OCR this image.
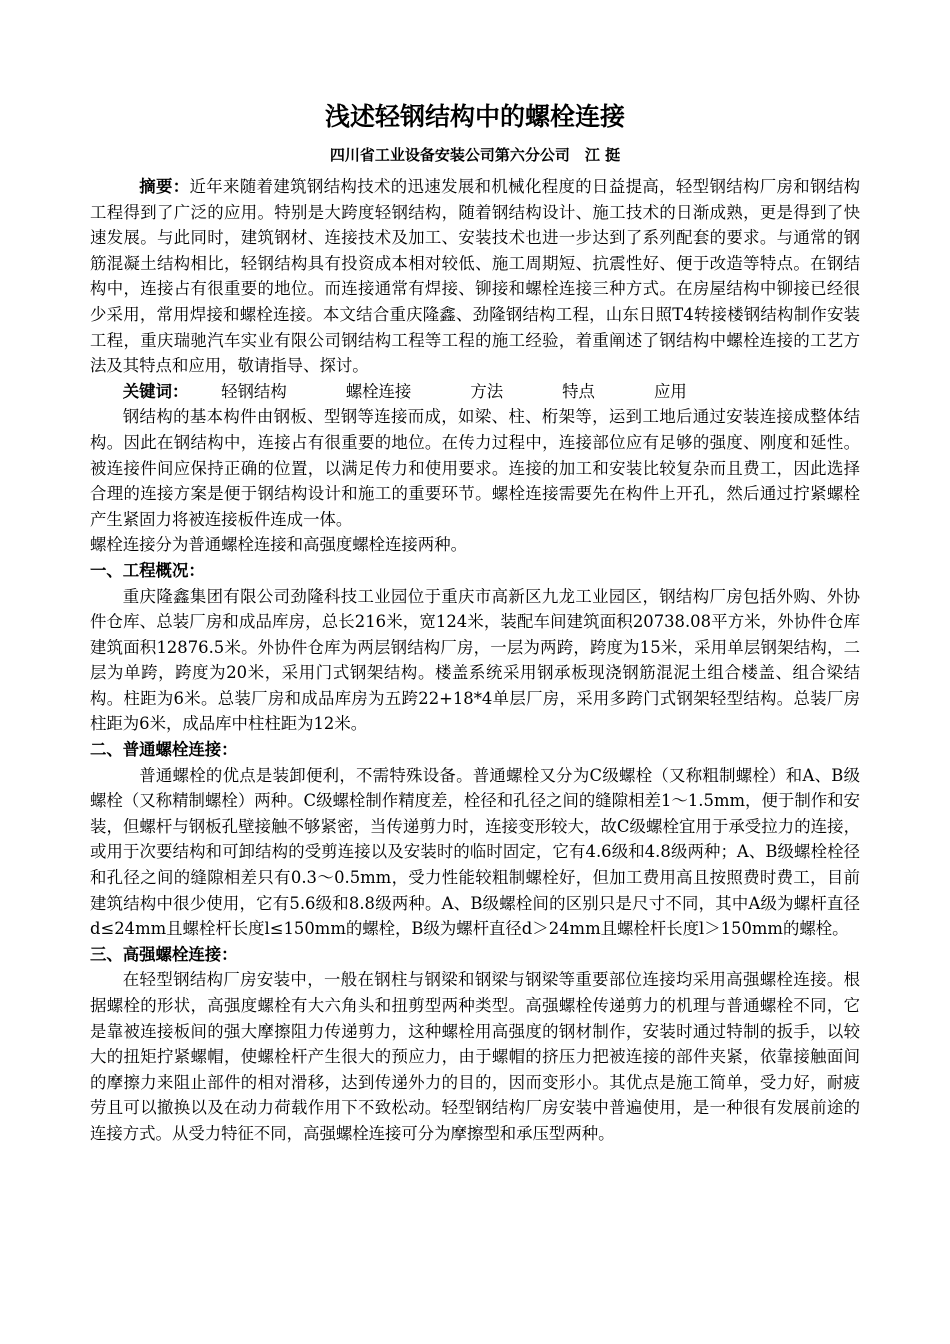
浅述轻钢结构中的螺栓连接
四川省工业设备安装公司第六分公司　江 挺

摘要：近年来随着建筑钢结构技术的迅速发展和机械化程度的日益提高，轻型钢结构厂房和钢结构工程得到了广泛的应用。特别是大跨度轻钢结构，随着钢结构设计、施工技术的日渐成熟，更是得到了快速发展。与此同时，建筑钢材、连接技术及加工、安装技术也进一步达到了系列配套的要求。与通常的钢筋混凝土结构相比，轻钢结构具有投资成本相对较低、施工周期短、抗震性好、便于改造等特点。在钢结构中，连接占有很重要的地位。而连接通常有焊接、铆接和螺栓连接三种方式。在房屋结构中铆接已经很少采用，常用焊接和螺栓连接。本文结合重庆隆鑫、劲隆钢结构工程，山东日照T4转接楼钢结构制作安装工程，重庆瑞驰汽车实业有限公司钢结构工程等工程的施工经验，着重阐述了钢结构中螺栓连接的工艺方法及其特点和应用，敬请指导、探讨。

关键词： 轻钢结构	螺栓连接	方法	特点	应用

钢结构的基本构件由钢板、型钢等连接而成，如梁、柱、桁架等，运到工地后通过安装连接成整体结构。因此在钢结构中，连接占有很重要的地位。在传力过程中，连接部位应有足够的强度、刚度和延性。被连接件间应保持正确的位置，以满足传力和使用要求。连接的加工和安装比较复杂而且费工，因此选择合理的连接方案是便于钢结构设计和施工的重要环节。螺栓连接需要先在构件上开孔，然后通过拧紧螺栓产生紧固力将被连接板件连成一体。

螺栓连接分为普通螺栓连接和高强度螺栓连接两种。

一、工程概况：

重庆隆鑫集团有限公司劲隆科技工业园位于重庆市高新区九龙工业园区，钢结构厂房包括外购、外协件仓库、总装厂房和成品库房，总长216米，宽124米，装配车间建筑面积20738.08平方米，外协件仓库建筑面积12876.5米。外协件仓库为两层钢结构厂房，一层为两跨，跨度为15米，采用单层钢架结构，二层为单跨，跨度为20米，采用门式钢架结构。楼盖系统采用钢承板现浇钢筋混泥土组合楼盖、组合梁结构。柱距为6米。总装厂房和成品库房为五跨22+18*4单层厂房，采用多跨门式钢架轻型结构。总装厂房柱距为6米，成品库中柱柱距为12米。

二、普通螺栓连接：

普通螺栓的优点是装卸便利，不需特殊设备。普通螺栓又分为C级螺栓（又称粗制螺栓）和A、B级螺栓（又称精制螺栓）两种。C级螺栓制作精度差，栓径和孔径之间的缝隙相差1～1.5mm，便于制作和安装，但螺杆与钢板孔壁接触不够紧密，当传递剪力时，连接变形较大，故C级螺栓宜用于承受拉力的连接，或用于次要结构和可卸结构的受剪连接以及安装时的临时固定，它有4.6级和4.8级两种；A、B级螺栓栓径和孔径之间的缝隙相差只有0.3～0.5mm，受力性能较粗制螺栓好，但加工费用高且按照费时费工，目前建筑结构中很少使用，它有5.6级和8.8级两种。A、B级螺栓间的区别只是尺寸不同，其中A级为螺杆直径d≤24mm且螺栓杆长度l≤150mm的螺栓，B级为螺杆直径d＞24mm且螺栓杆长度l＞150mm的螺栓。

三、高强螺栓连接：

在轻型钢结构厂房安装中，一般在钢柱与钢梁和钢梁与钢梁等重要部位连接均采用高强螺栓连接。根据螺栓的形状，高强度螺栓有大六角头和扭剪型两种类型。高强螺栓传递剪力的机理与普通螺栓不同，它是靠被连接板间的强大摩擦阻力传递剪力，这种螺栓用高强度的钢材制作，安装时通过特制的扳手，以较大的扭矩拧紧螺帽，使螺栓杆产生很大的预应力，由于螺帽的挤压力把被连接的部件夹紧，依靠接触面间的摩擦力来阻止部件的相对滑移，达到传递外力的目的，因而变形小。其优点是施工简单，受力好，耐疲劳且可以撤换以及在动力荷载作用下不致松动。轻型钢结构厂房安装中普遍使用，是一种很有发展前途的连接方式。从受力特征不同，高强螺栓连接可分为摩擦型和承压型两种。
